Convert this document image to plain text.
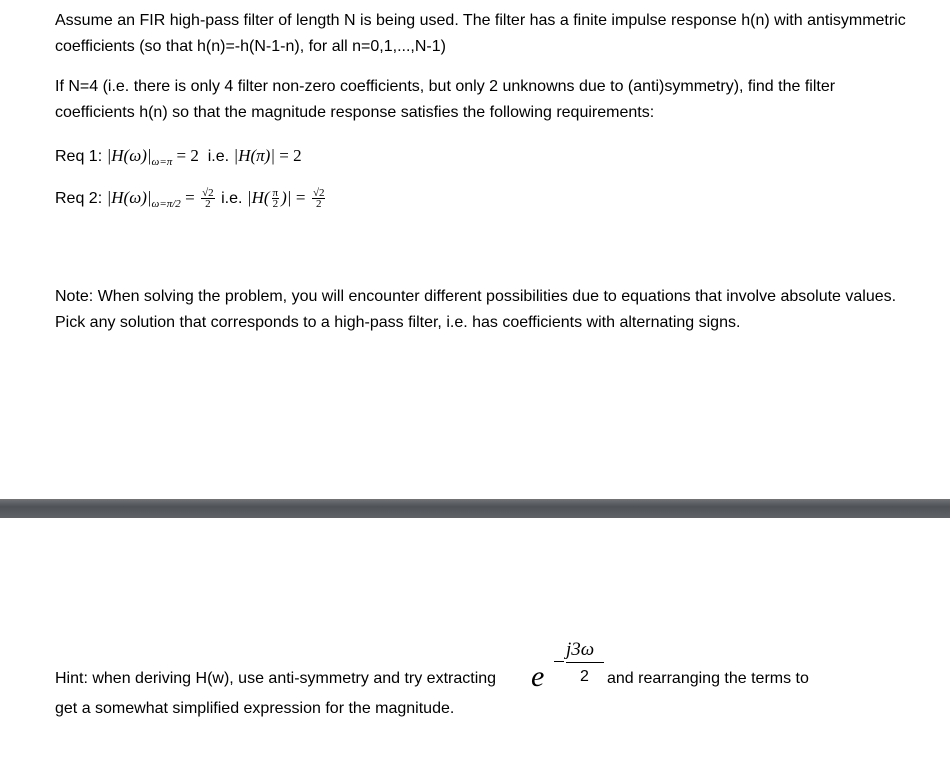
Assume an FIR high-pass filter of length N is being used. The filter has a finite impulse response h(n) with antisymmetric coefficients (so that h(n)=-h(N-1-n), for all n=0,1,...,N-1)

If N=4 (i.e. there is only 4 filter non-zero coefficients, but only 2 unknowns due to (anti)symmetry), find the filter coefficients h(n) so that the magnitude response satisfies the following requirements:

Req 1: $|H(\omega)|_{\omega=\pi} = 2$ i.e. |H(π)| = 2
Req 2: $|H(\omega)|_{\omega=\pi/2} = \frac{√2}{2} i.e$. $|H( \frac{\pi}{2}$ )| = $\frac{√2}{2}$

Note: When solving the problem, you will encounter different possibilities due to equations that involve absolute values. Pick any solution that corresponds to a high-pass filter, i.e. has coefficients with alternating signs.

Hint: when deriving H(w), use anti-symmetry and try extracting e
j3ω
2 and rearranging the terms to
get a somewhat simplified expression for the magnitude.
